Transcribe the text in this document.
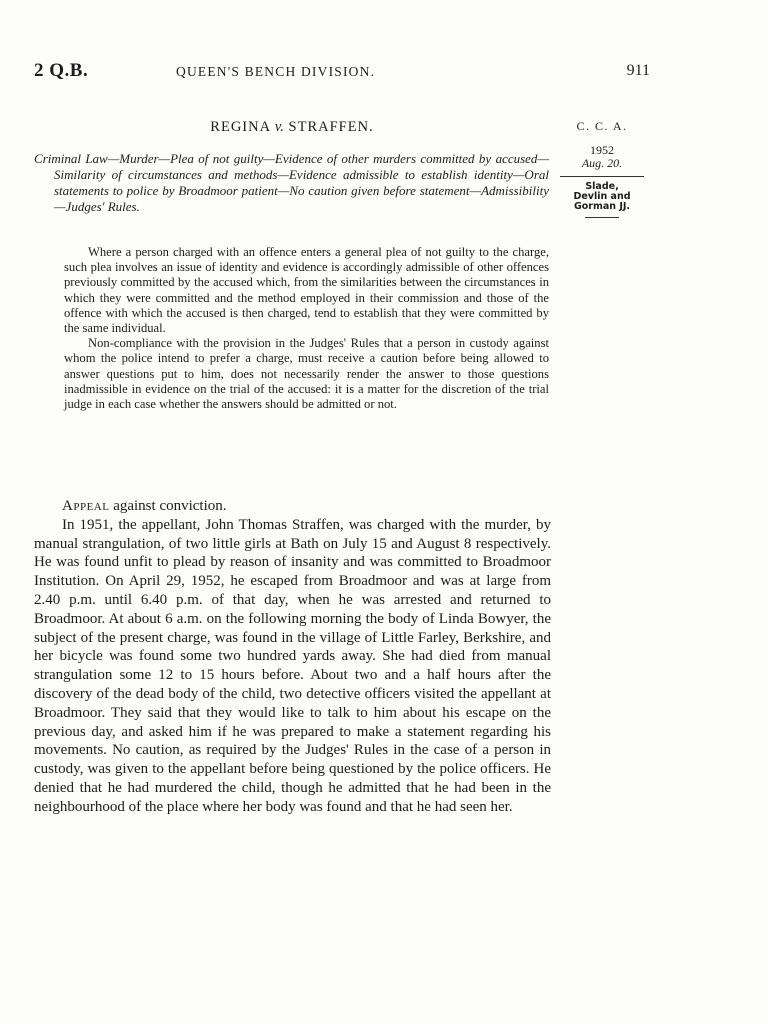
2 Q.B.	QUEEN'S BENCH DIVISION.	911
REGINA v. STRAFFEN.	C. C. A.
1952
Aug. 20.
Slade,
Devlin and
Gorman JJ.
Criminal Law—Murder—Plea of not guilty—Evidence of other murders committed by accused—Similarity of circumstances and methods—Evidence admissible to establish identity—Oral statements to police by Broadmoor patient—No caution given before statement—Admissibility—Judges' Rules.

Where a person charged with an offence enters a general plea of not guilty to the charge, such plea involves an issue of identity and evidence is accordingly admissible of other offences previously committed by the accused which, from the similarities between the circumstances in which they were committed and the method employed in their commission and those of the offence with which the accused is then charged, tend to establish that they were committed by the same individual.

Non-compliance with the provision in the Judges' Rules that a person in custody against whom the police intend to prefer a charge, must receive a caution before being allowed to answer questions put to him, does not necessarily render the answer to those questions inadmissible in evidence on the trial of the accused: it is a matter for the discretion of the trial judge in each case whether the answers should be admitted or not.

Appeal against conviction.

In 1951, the appellant, John Thomas Straffen, was charged with the murder, by manual strangulation, of two little girls at Bath on July 15 and August 8 respectively. He was found unfit to plead by reason of insanity and was committed to Broadmoor Institution. On April 29, 1952, he escaped from Broadmoor and was at large from 2.40 p.m. until 6.40 p.m. of that day, when he was arrested and returned to Broadmoor. At about 6 a.m. on the following morning the body of Linda Bowyer, the subject of the present charge, was found in the village of Little Farley, Berkshire, and her bicycle was found some two hundred yards away. She had died from manual strangulation some 12 to 15 hours before. About two and a half hours after the discovery of the dead body of the child, two detective officers visited the appellant at Broadmoor. They said that they would like to talk to him about his escape on the previous day, and asked him if he was prepared to make a statement regarding his movements. No caution, as required by the Judges' Rules in the case of a person in custody, was given to the appellant before being questioned by the police officers. He denied that he had murdered the child, though he admitted that he had been in the neighbourhood of the place where her body was found and that he had seen her.
